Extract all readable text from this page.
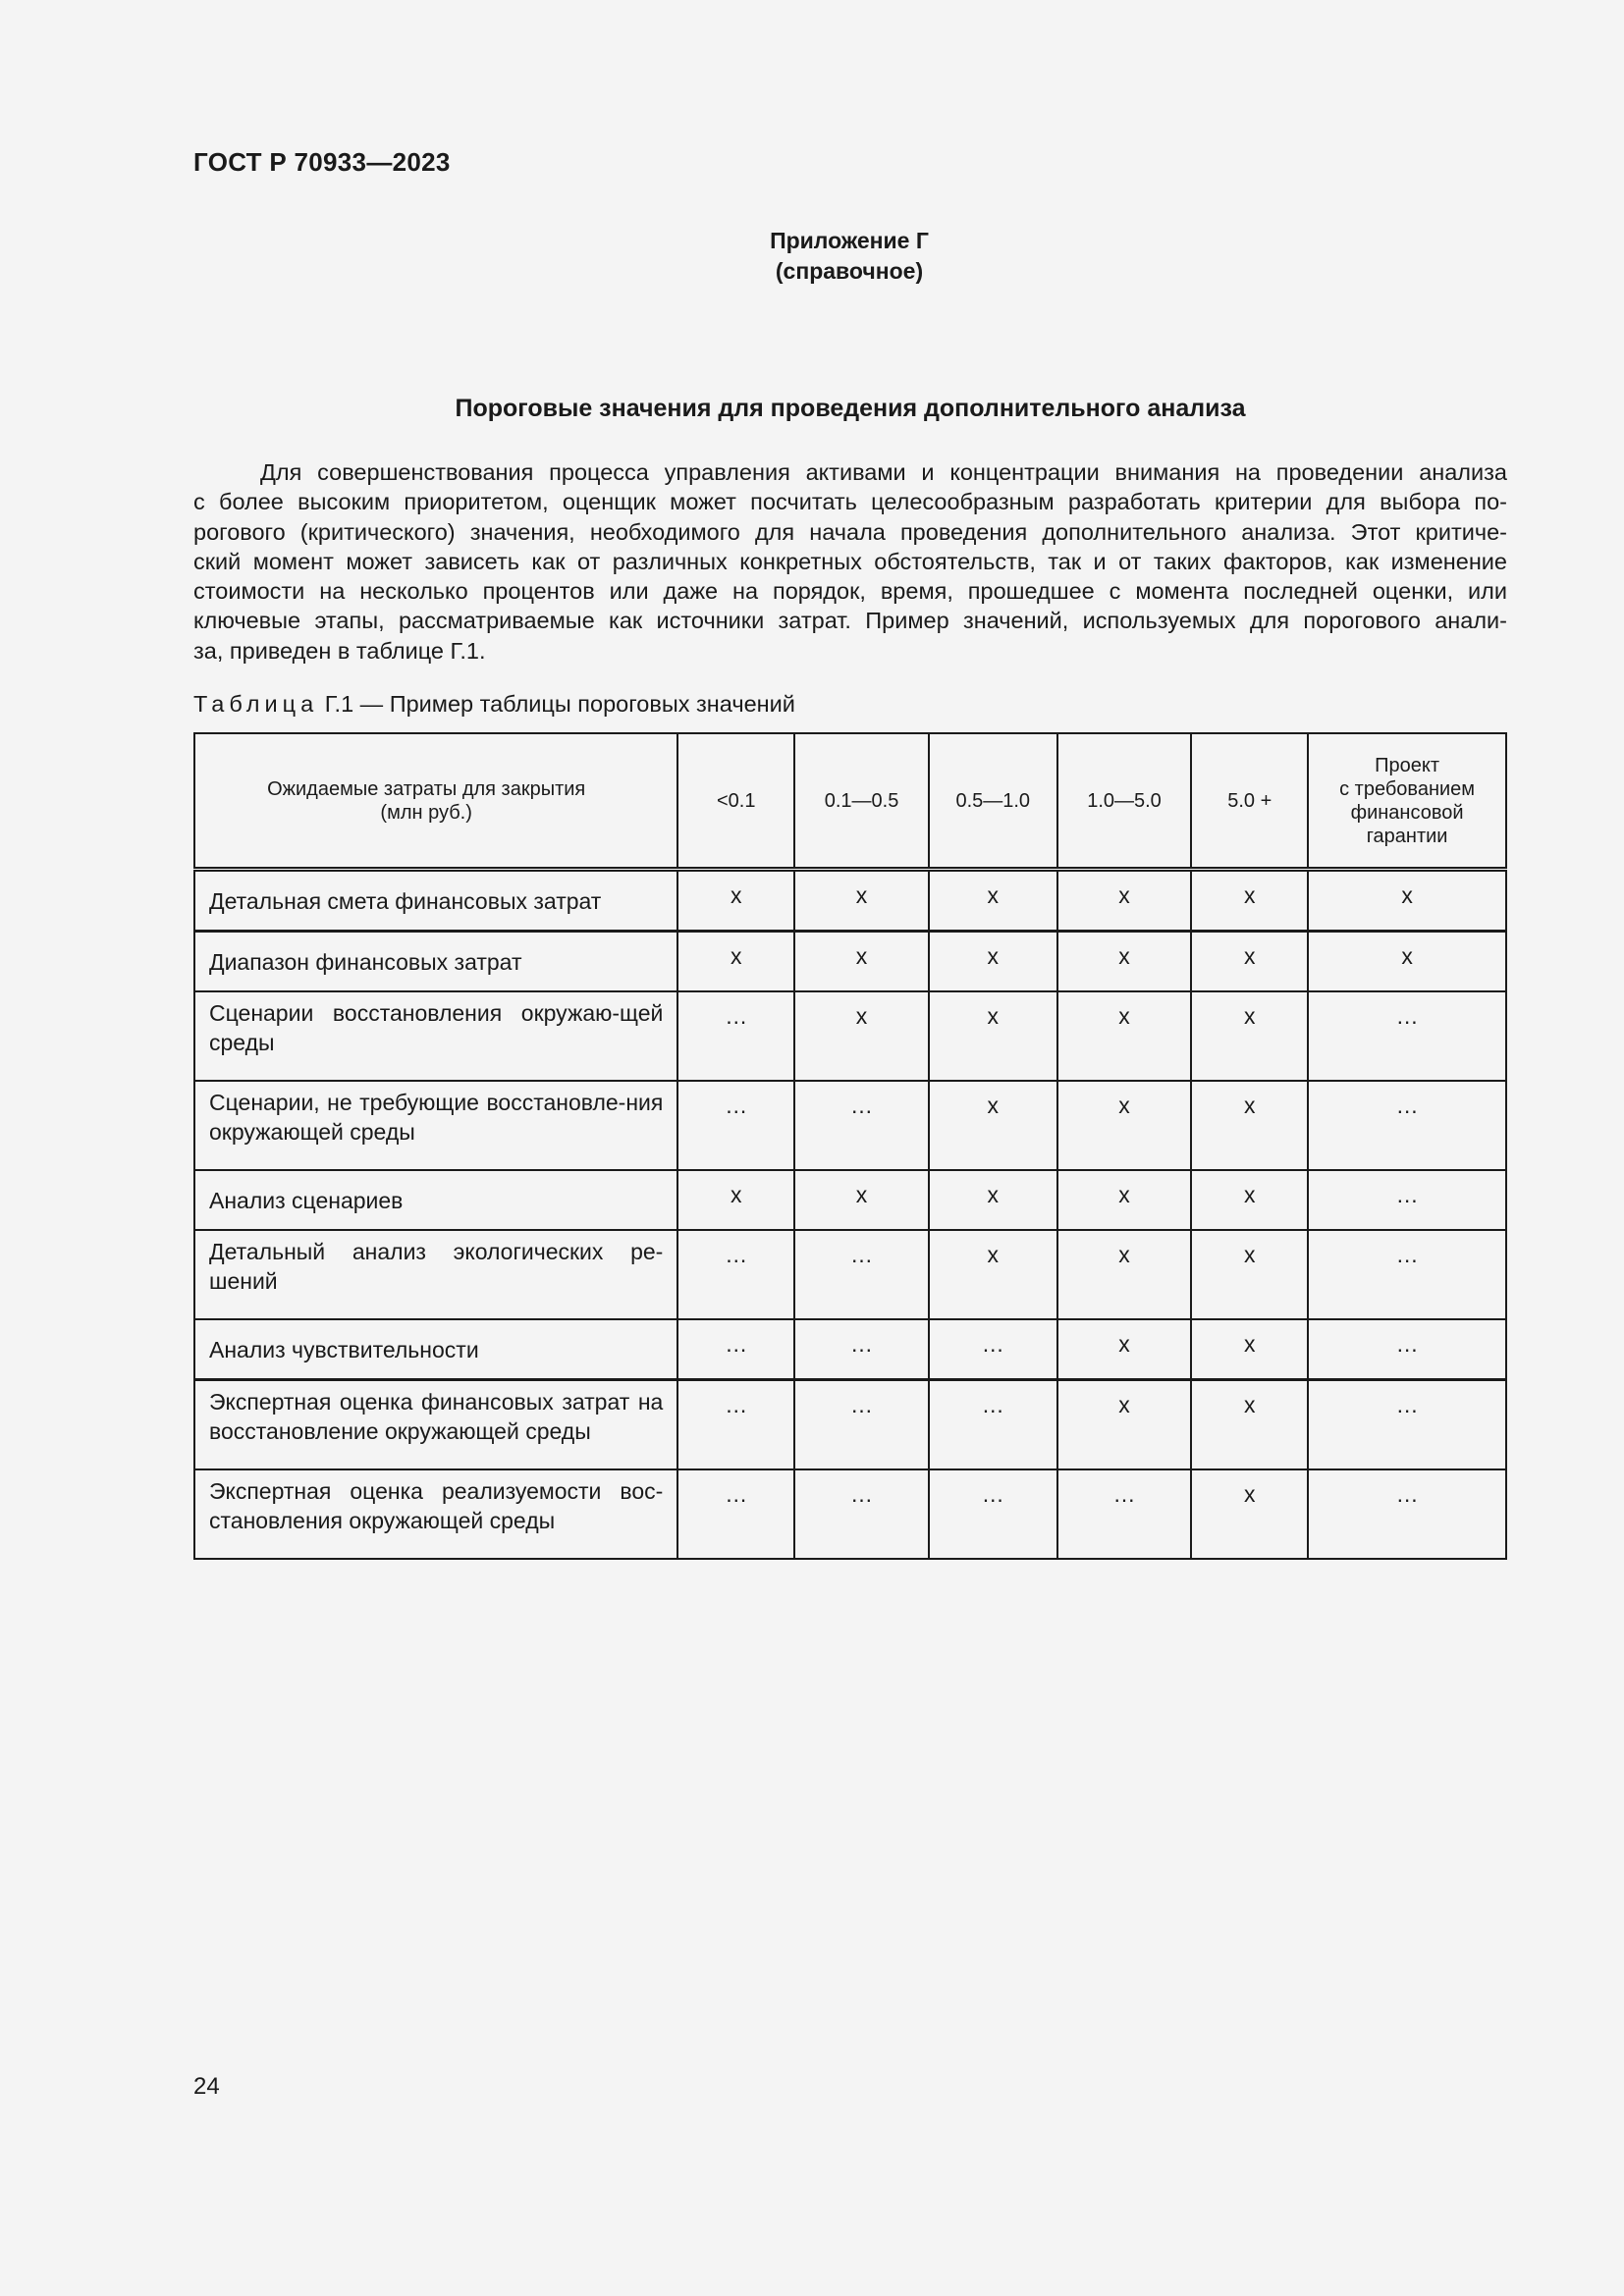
ГОСТ Р 70933—2023
Приложение Г
(справочное)
Пороговые значения для проведения дополнительного анализа
Для совершенствования процесса управления активами и концентрации внимания на проведении анализа
с более высоким приоритетом, оценщик может посчитать целесообразным разработать критерии для выбора по-
рогового (критического) значения, необходимого для начала проведения дополнительного анализа. Этот критиче-
ский момент может зависеть как от различных конкретных обстоятельств, так и от таких факторов, как изменение
стоимости на несколько процентов или даже на порядок, время, прошедшее с момента последней оценки, или
ключевые этапы, рассматриваемые как источники затрат. Пример значений, используемых для порогового анали-
за, приведен в таблице Г.1.
Таблица Г.1 — Пример таблицы пороговых значений
Ожидаемые затраты для закрытия
(млн руб.)	<0.1	0.1—0.5	0.5—1.0	1.0—5.0	5.0 +	Проект
с требованием
финансовой
гарантии
Детальная смета финансовых затрат	x	x	x	x	x	x
Диапазон финансовых затрат	x	x	x	x	x	x
Сценарии восстановления окружаю-щей среды	…	x	x	x	x	…
Сценарии, не требующие восстановле-ния окружающей среды	…	…	x	x	x	…
Анализ сценариев	x	x	x	x	x	…
Детальный анализ экологических ре-шений	…	…	x	x	x	…
Анализ чувствительности	…	…	…	x	x	…
Экспертная оценка финансовых затрат на восстановление окружающей среды	…	…	…	x	x	…
Экспертная оценка реализуемости вос-становления окружающей среды	…	…	…	…	x	…
24
